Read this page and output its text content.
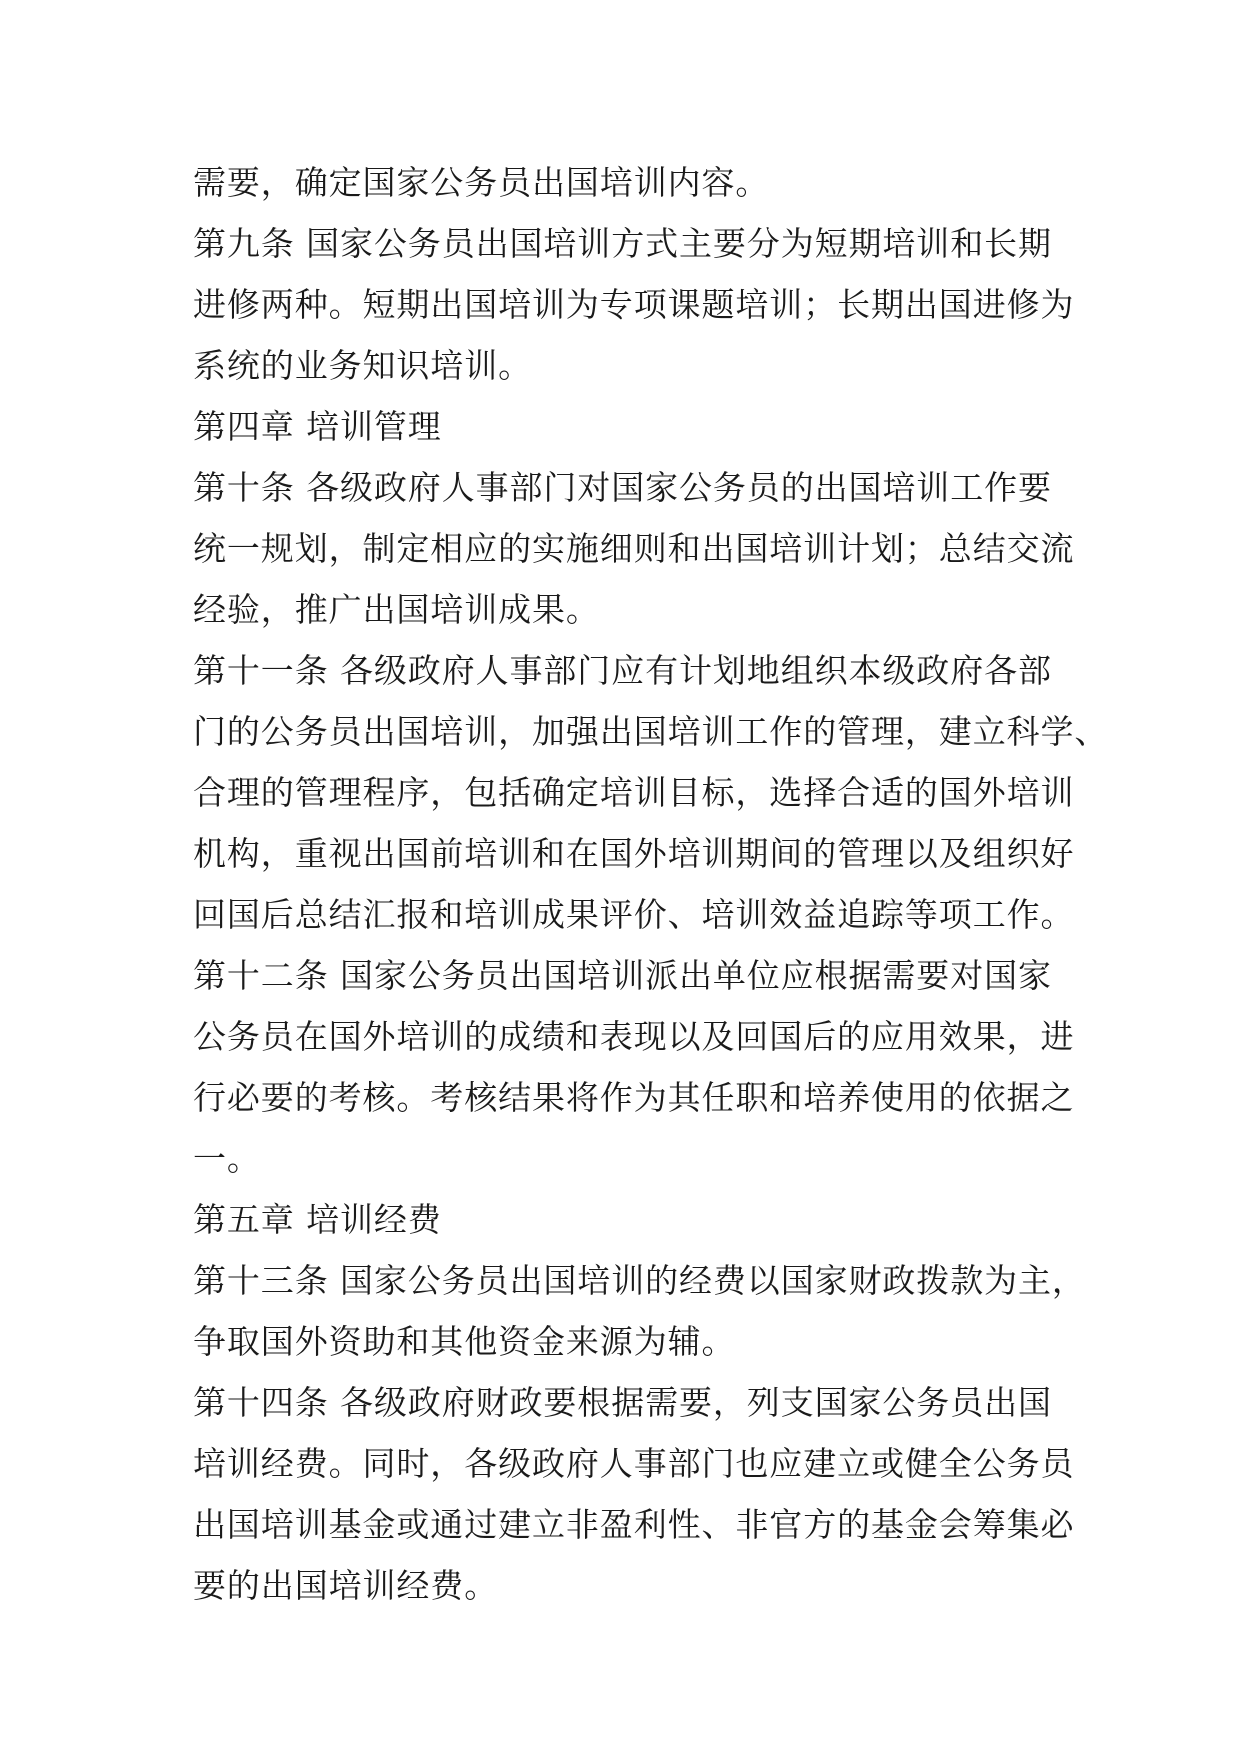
需要，确定国家公务员出国培训内容。
第九条 国家公务员出国培训方式主要分为短期培训和长期
进修两种。短期出国培训为专项课题培训；长期出国进修为
系统的业务知识培训。
第四章 培训管理
第十条 各级政府人事部门对国家公务员的出国培训工作要
统一规划，制定相应的实施细则和出国培训计划；总结交流
经验，推广出国培训成果。
第十一条 各级政府人事部门应有计划地组织本级政府各部
门的公务员出国培训，加强出国培训工作的管理，建立科学、
合理的管理程序，包括确定培训目标，选择合适的国外培训
机构，重视出国前培训和在国外培训期间的管理以及组织好
回国后总结汇报和培训成果评价、培训效益追踪等项工作。
第十二条 国家公务员出国培训派出单位应根据需要对国家
公务员在国外培训的成绩和表现以及回国后的应用效果，进
行必要的考核。考核结果将作为其任职和培养使用的依据之
一。
第五章 培训经费
第十三条 国家公务员出国培训的经费以国家财政拨款为主，
争取国外资助和其他资金来源为辅。
第十四条 各级政府财政要根据需要，列支国家公务员出国
培训经费。同时，各级政府人事部门也应建立或健全公务员
出国培训基金或通过建立非盈利性、非官方的基金会筹集必
要的出国培训经费。
